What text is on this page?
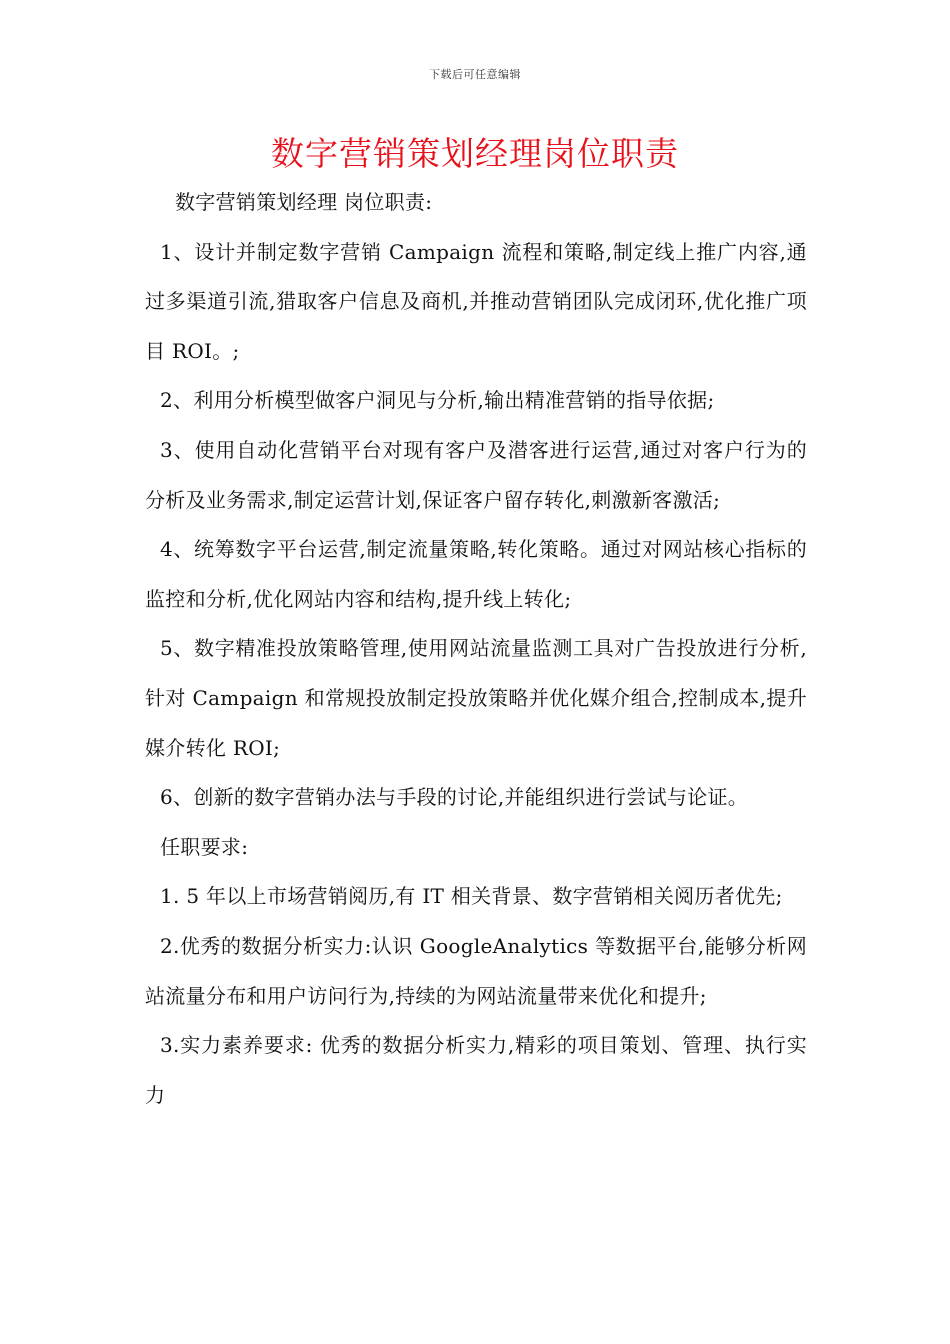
下载后可任意编辑
数字营销策划经理岗位职责

数字营销策划经理 岗位职责:

1、设计并制定数字营销 Campaign 流程和策略,制定线上推广内容,通过多渠道引流,猎取客户信息及商机,并推动营销团队完成闭环,优化推广项目 ROI。;

2、利用分析模型做客户洞见与分析,输出精准营销的指导依据;

3、使用自动化营销平台对现有客户及潜客进行运营,通过对客户行为的分析及业务需求,制定运营计划,保证客户留存转化,刺激新客激活;

4、统筹数字平台运营,制定流量策略,转化策略。通过对网站核心指标的监控和分析,优化网站内容和结构,提升线上转化;

5、数字精准投放策略管理,使用网站流量监测工具对广告投放进行分析,针对 Campaign 和常规投放制定投放策略并优化媒介组合,控制成本,提升媒介转化 ROI;

6、创新的数字营销办法与手段的讨论,并能组织进行尝试与论证。

任职要求:

1. 5 年以上市场营销阅历,有 IT 相关背景、数字营销相关阅历者优先;

2.优秀的数据分析实力:认识 GoogleAnalytics 等数据平台,能够分析网站流量分布和用户访问行为,持续的为网站流量带来优化和提升;

3.实力素养要求: 优秀的数据分析实力,精彩的项目策划、管理、执行实力
